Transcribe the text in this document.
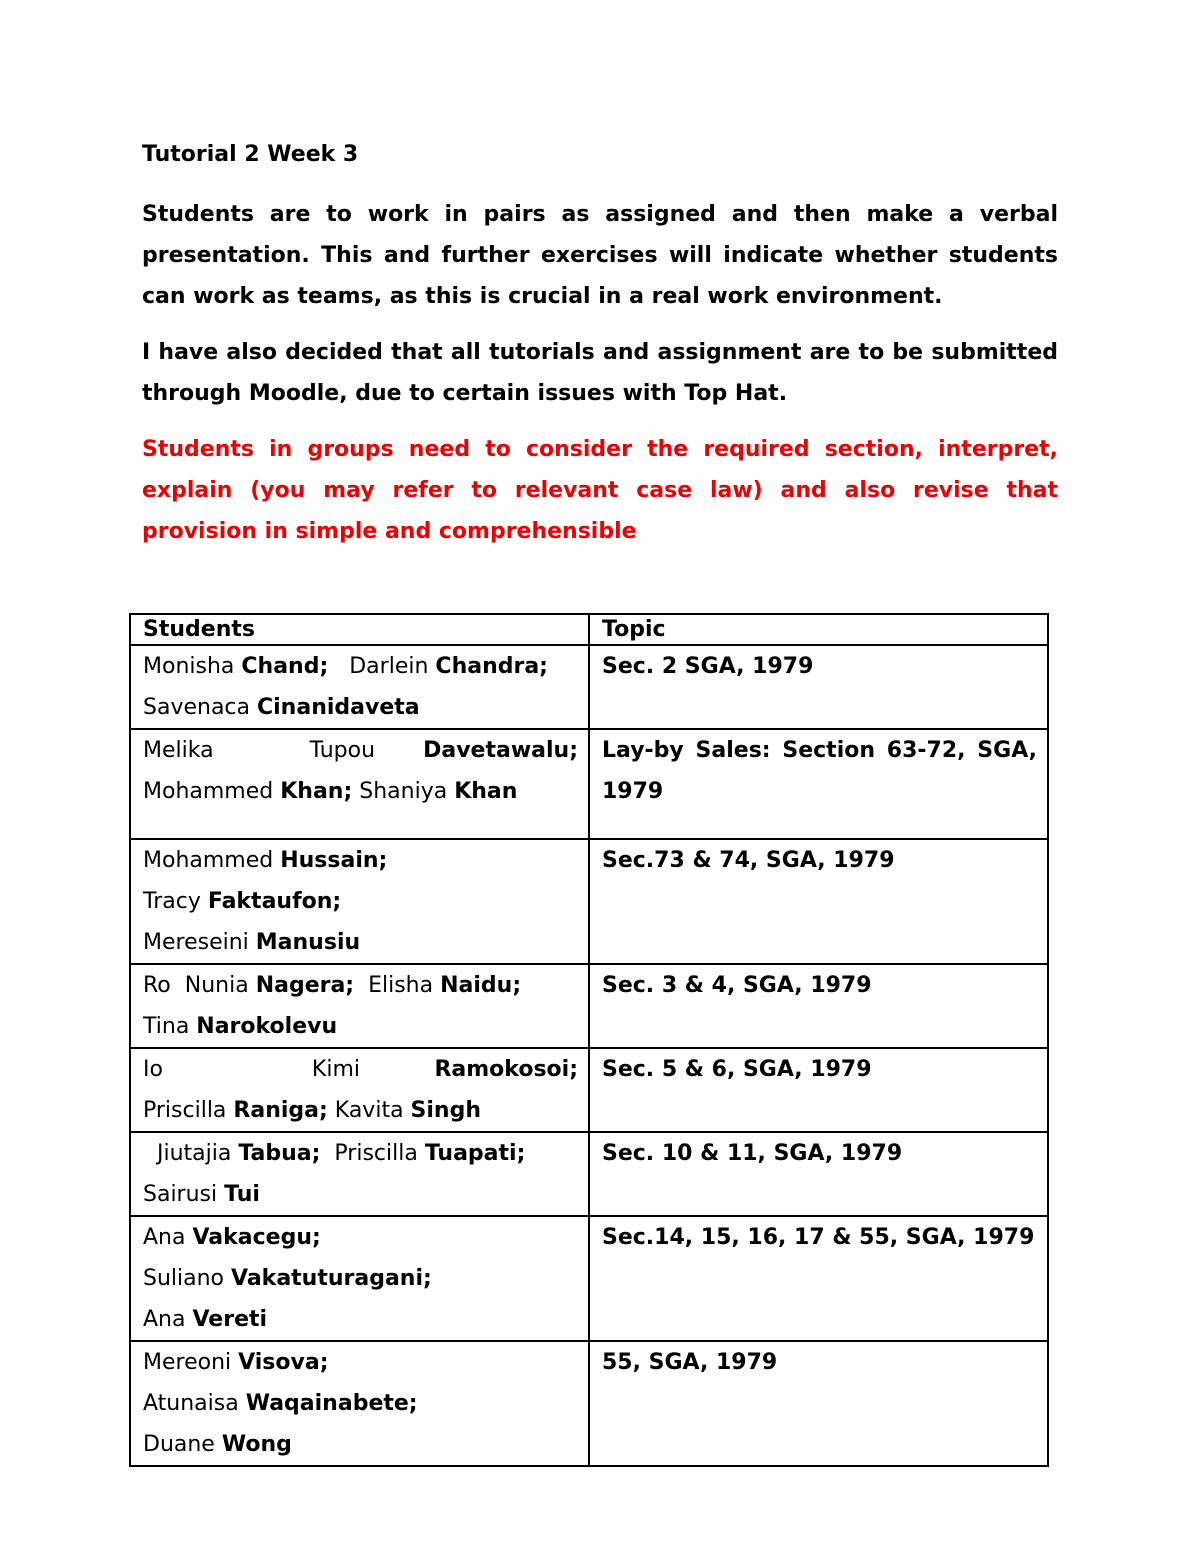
Tutorial 2 Week 3

Students are to work in pairs as assigned and then make a verbal presentation. This and further exercises will indicate whether students can work as teams, as this is crucial in a real work environment.

I have also decided that all tutorials and assignment are to be submitted through Moodle, due to certain issues with Top Hat.

Students in groups need to consider the required section, interpret, explain (you may refer to relevant case law) and also revise that provision in simple and comprehensible

Students	Topic

Monisha Chand;   Darlein Chandra;
Savenaca Cinanidaveta	Sec. 2 SGA, 1979

Melika  Tupou Davetawalu;
Mohammed Khan; Shaniya Khan	Lay-by Sales: Section 63-72, SGA, 1979

Mohammed Hussain;
Tracy Faktaufon;
Mereseini Manusiu	Sec.73 & 74, SGA, 1979

Ro  Nunia Nagera;  Elisha Naidu;
Tina Narokolevu	Sec. 3 & 4, SGA, 1979

Io Kimi Ramokosoi;
Priscilla Raniga; Kavita Singh	Sec. 5 & 6, SGA, 1979

Jiutajia Tabua;  Priscilla Tuapati;
Sairusi Tui	Sec. 10 & 11, SGA, 1979

Ana Vakacegu;
Suliano Vakatuturagani;
Ana Vereti	Sec.14, 15, 16, 17 & 55, SGA, 1979

Mereoni Visova;
Atunaisa Waqainabete;
Duane Wong	55, SGA, 1979
